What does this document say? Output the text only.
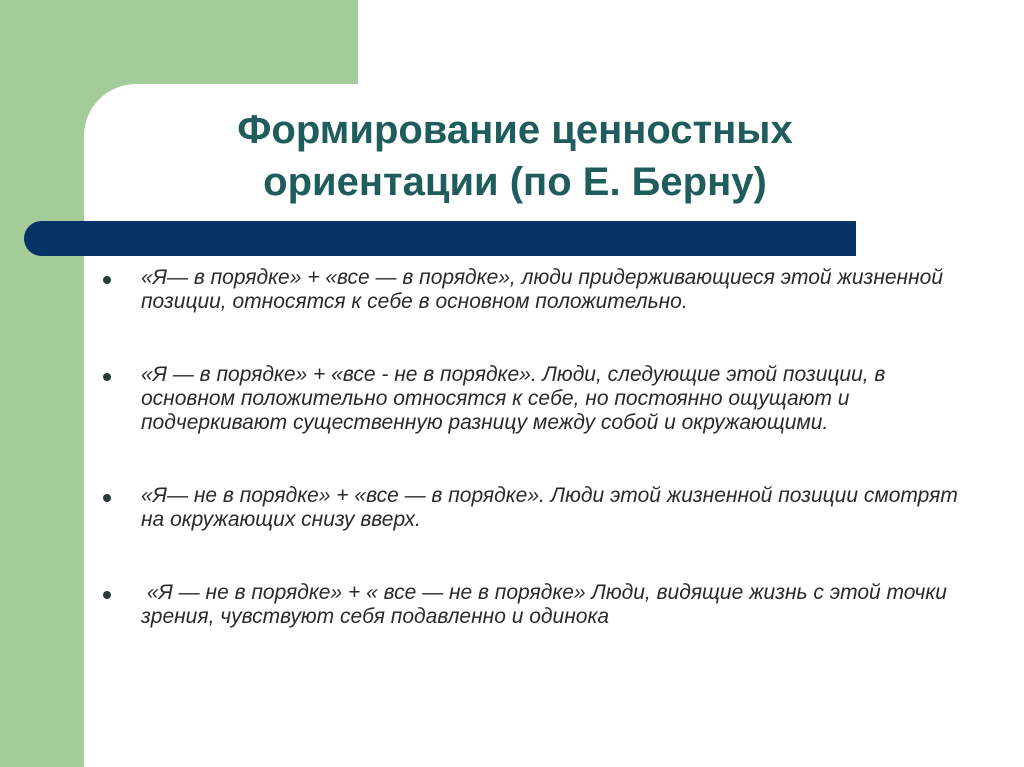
Формирование ценностных
ориентации (по Е. Берну)
«Я— в порядке» + «все — в порядке», люди придерживающиеся этой жизненной позиции, относятся к себе в основном положительно.
«Я — в порядке» + «все - не в порядке». Люди, следующие этой позиции, в основном положительно относятся к себе, но постоянно ощущают и подчеркивают существенную разницу между собой и окружающими.
«Я— не в порядке» + «все — в порядке». Люди этой жизненной позиции смотрят на окружающих снизу вверх.
«Я — не в порядке» + « все — не в порядке» Люди, видящие жизнь с этой точки зрения, чувствуют себя подавленно и одинока
